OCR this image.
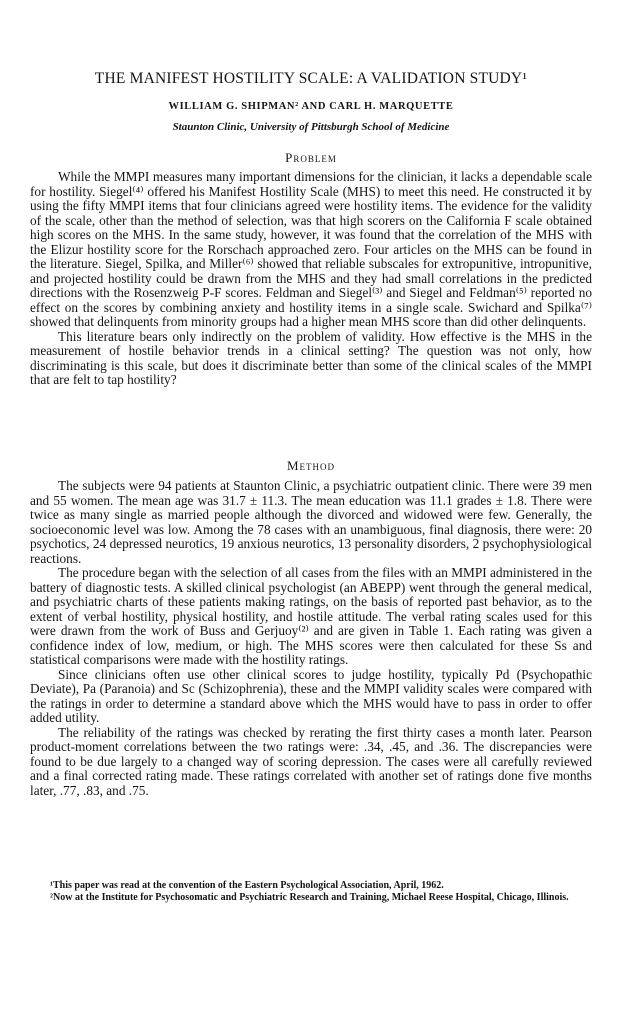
THE MANIFEST HOSTILITY SCALE: A VALIDATION STUDY¹
WILLIAM G. SHIPMAN² AND CARL H. MARQUETTE
Staunton Clinic, University of Pittsburgh School of Medicine
Problem

While the MMPI measures many important dimensions for the clinician, it lacks a dependable scale for hostility. Siegel⁽⁴⁾ offered his Manifest Hostility Scale (MHS) to meet this need. He constructed it by using the fifty MMPI items that four clinicians agreed were hostility items. The evidence for the validity of the scale, other than the method of selection, was that high scorers on the California F scale obtained high scores on the MHS. In the same study, however, it was found that the correlation of the MHS with the Elizur hostility score for the Rorschach approached zero. Four articles on the MHS can be found in the literature. Siegel, Spilka, and Miller⁽⁶⁾ showed that reliable subscales for extropunitive, intropunitive, and projected hostility could be drawn from the MHS and they had small correlations in the predicted directions with the Rosenzweig P-F scores. Feldman and Siegel⁽³⁾ and Siegel and Feldman⁽⁵⁾ reported no effect on the scores by combining anxiety and hostility items in a single scale. Swichard and Spilka⁽⁷⁾ showed that delinquents from minority groups had a higher mean MHS score than did other delinquents.

This literature bears only indirectly on the problem of validity. How effective is the MHS in the measurement of hostile behavior trends in a clinical setting? The question was not only, how discriminating is this scale, but does it discriminate better than some of the clinical scales of the MMPI that are felt to tap hostility?

Method

The subjects were 94 patients at Staunton Clinic, a psychiatric outpatient clinic. There were 39 men and 55 women. The mean age was 31.7 ± 11.3. The mean education was 11.1 grades ± 1.8. There were twice as many single as married people although the divorced and widowed were few. Generally, the socioeconomic level was low. Among the 78 cases with an unambiguous, final diagnosis, there were: 20 psychotics, 24 depressed neurotics, 19 anxious neurotics, 13 personality disorders, 2 psychophysiological reactions.

The procedure began with the selection of all cases from the files with an MMPI administered in the battery of diagnostic tests. A skilled clinical psychologist (an ABEPP) went through the general medical, and psychiatric charts of these patients making ratings, on the basis of reported past behavior, as to the extent of verbal hostility, physical hostility, and hostile attitude. The verbal rating scales used for this were drawn from the work of Buss and Gerjuoy⁽²⁾ and are given in Table 1. Each rating was given a confidence index of low, medium, or high. The MHS scores were then calculated for these Ss and statistical comparisons were made with the hostility ratings.

Since clinicians often use other clinical scores to judge hostility, typically Pd (Psychopathic Deviate), Pa (Paranoia) and Sc (Schizophrenia), these and the MMPI validity scales were compared with the ratings in order to determine a standard above which the MHS would have to pass in order to offer added utility.

The reliability of the ratings was checked by rerating the first thirty cases a month later. Pearson product-moment correlations between the two ratings were: .34, .45, and .36. The discrepancies were found to be due largely to a changed way of scoring depression. The cases were all carefully reviewed and a final corrected rating made. These ratings correlated with another set of ratings done five months later, .77, .83, and .75.

¹This paper was read at the convention of the Eastern Psychological Association, April, 1962.

²Now at the Institute for Psychosomatic and Psychiatric Research and Training, Michael Reese Hospital, Chicago, Illinois.
